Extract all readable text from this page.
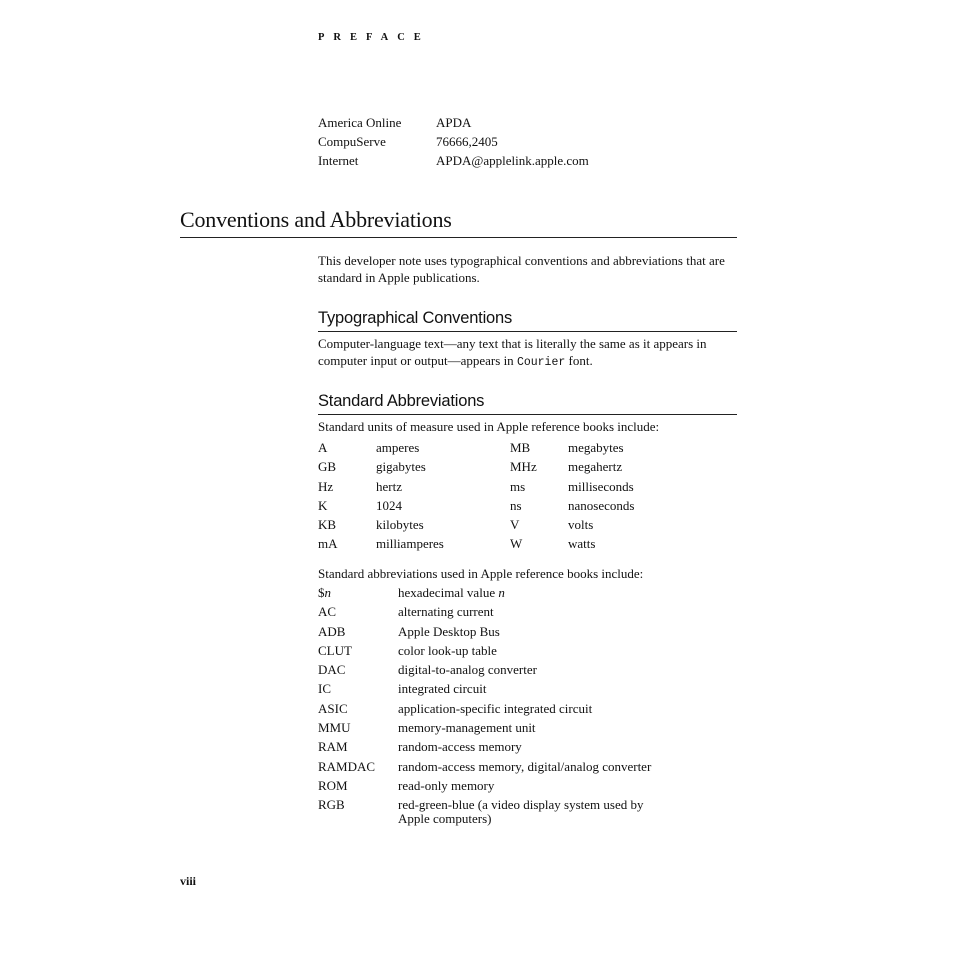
PREFACE
America Online	APDA
CompuServe	76666,2405
Internet	APDA@applelink.apple.com
Conventions and Abbreviations
This developer note uses typographical conventions and abbreviations that are standard in Apple publications.
Typographical Conventions
Computer-language text—any text that is literally the same as it appears in computer input or output—appears in Courier font.
Standard Abbreviations
Standard units of measure used in Apple reference books include:
A	amperes	MB	megabytes
GB	gigabytes	MHz	megahertz
Hz	hertz	ms	milliseconds
K	1024	ns	nanoseconds
KB	kilobytes	V	volts
mA	milliamperes	W	watts
Standard abbreviations used in Apple reference books include:
$n	hexadecimal value n
AC	alternating current
ADB	Apple Desktop Bus
CLUT	color look-up table
DAC	digital-to-analog converter
IC	integrated circuit
ASIC	application-specific integrated circuit
MMU	memory-management unit
RAM	random-access memory
RAMDAC	random-access memory, digital/analog converter
ROM	read-only memory
RGB	red-green-blue (a video display system used by Apple computers)
viii
